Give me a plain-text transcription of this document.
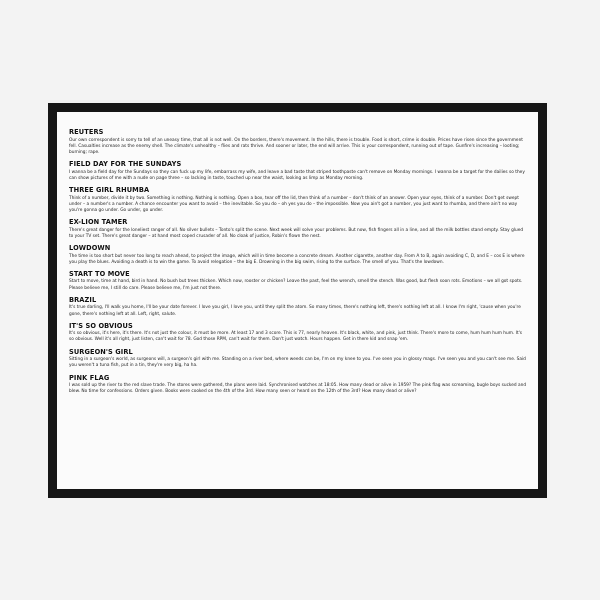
REUTERS

Our own correspondent is sorry to tell of an uneasy time, that all is not well. On the borders, there's movement. In the hills, there is trouble. Food is short, crime is double. Prices have risen since the government fell. Casualties increase as the enemy shell. The climate's unhealthy – flies and rats thrive. And sooner or later, the end will arrive. This is your correspondent, running out of tape. Gunfire's increasing – looting; burning; rape.

FIELD DAY FOR THE SUNDAYS

I wanna be a field day for the Sundays so they can fuck up my life, embarrass my wife, and leave a bad taste that striped toothpaste can't remove on Monday mornings. I wanna be a target for the dailies so they can show pictures of me with a nude on page three – so lacking in taste, touched up near the waist, looking as limp as Monday morning.

THREE GIRL RHUMBA

Think of a number, divide it by two. Something is nothing. Nothing is nothing. Open a box, tear off the lid, then think of a number – don't think of an answer. Open your eyes, think of a number. Don't get swept under – a number's a number. A chance encounter you want to avoid – the inevitable. So you do – oh yes you do – the impossible. Now you ain't got a number, you just want to rhumba, and there ain't no way you're gonna go under. Go under, go under.

EX-LION TAMER

There's great danger for the loneliest ranger of all. No silver bullets – Tonto's split the scene. Next week will solve your problems. But now, fish fingers all in a line, and all the milk bottles stand empty. Stay glued to your TV set. There's great danger – at hand most coped crusader of all. No cloak of justice, Robin's flown the nest.

LOWDOWN

The time is too short but never too long to reach ahead, to project the image, which will in time become a concrete dream. Another cigarette, another day. From A to B, again avoiding C, D, and E – cos E is where you play the blues. Avoiding a death is to win the game. To avoid relegation – the big E. Drowning in the big swim, rising to the surface. The smell of you. That's the lowdown.

START TO MOVE

Start to move, time at hand, bird in hand. No bush but trees thicken. Which now, rooster or chicken? Leave the past, feel the wrench, smell the stench. Was good, but flesh soon rots. Emotions – we all got spots. Please believe me, I still do care. Please believe me, I'm just not there.

BRAZIL

It's true darling, I'll walk you home, I'll be your date forever. I love you girl, I love you, until they split the atom. So many times, there's nothing left, there's nothing left at all. I know I'm right, 'cause when you're gone, there's nothing left at all. Left, right, salute.

IT'S SO OBVIOUS

It's so obvious, it's here, it's there. It's not just the colour, it must be more. At least 17 and 3 score. This is 77, nearly heaven. It's black, white, and pink, just think. There's more to come, hum hum hum hum. It's so obvious. Well it's all right, just listen, can't wait for 78. God those RPM, can't wait for them. Don't just watch. Hours happen. Get in there kid and snap 'em.

SURGEON'S GIRL

Sitting in a surgeon's world, as surgeons will, a surgeon's girl with me. Standing on a river bed, where weeds can be, I'm on my knee to you. I've seen you in glossy mags. I've seen you and you can't see me. Said you weren't a tuna fish, put in a tin, they're very big, ha ha.

PINK FLAG

I was sold up the river to the red slave trade. The stores were gathered, the plans were laid. Synchronised watches at 18:05. How many dead or alive in 1959? The pink flag was screaming, bugle boys sucked and blew. No time for confessions. Orders given. Books were cooked on the 4th of the 3rd. How many seen or heard on the 12th of the 3rd? How many dead or alive?
